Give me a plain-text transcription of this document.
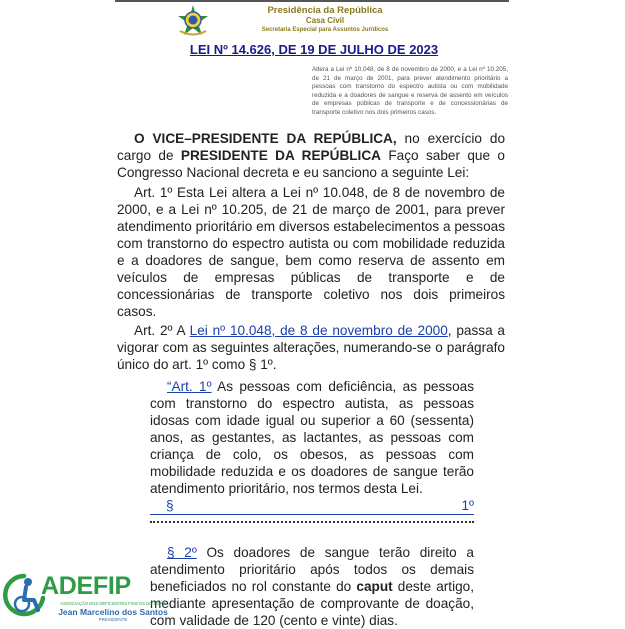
Presidência da República
Casa Civil
Secretaria Especial para Assuntos Jurídicos
LEI Nº 14.626, DE 19 DE JULHO DE 2023
Altera a Lei nº 10.048, de 8 de novembro de 2000, e a Lei nº 10.205, de 21 de março de 2001, para prever atendimento prioritário a pessoas com transtorno do espectro autista ou com mobilidade reduzida e a doadores de sangue e reserva de assento em veículos de empresas públicas de transporte e de concessionárias de transporte coletivo nos dois primeiros casos.
O VICE–PRESIDENTE DA REPÚBLICA, no exercício do cargo de PRESIDENTE DA REPÚBLICA Faço saber que o Congresso Nacional decreta e eu sanciono a seguinte Lei:
Art. 1º Esta Lei altera a Lei nº 10.048, de 8 de novembro de 2000, e a Lei nº 10.205, de 21 de março de 2001, para prever atendimento prioritário em diversos estabelecimentos a pessoas com transtorno do espectro autista ou com mobilidade reduzida e a doadores de sangue, bem como reserva de assento em veículos de empresas públicas de transporte e de concessionárias de transporte coletivo nos dois primeiros casos.
Art. 2º A Lei nº 10.048, de 8 de novembro de 2000, passa a vigorar com as seguintes alterações, numerando-se o parágrafo único do art. 1º como § 1º.
“Art. 1º As pessoas com deficiência, as pessoas com transtorno do espectro autista, as pessoas idosas com idade igual ou superior a 60 (sessenta) anos, as gestantes, as lactantes, as pessoas com criança de colo, os obesos, as pessoas com mobilidade reduzida e os doadores de sangue terão atendimento prioritário, nos termos desta Lei.
§	1º
§ 2º Os doadores de sangue terão direito a atendimento prioritário após todos os demais beneficiados no rol constante do caput deste artigo, mediante apresentação de comprovante de doação, com validade de 120 (cento e vinte) dias.
ADEFIP
ASSOCIAÇÃO DOS DEFICIENTES FÍSICOS DO PILAR
Jean Marcelino dos Santos
PRESIDENTE
